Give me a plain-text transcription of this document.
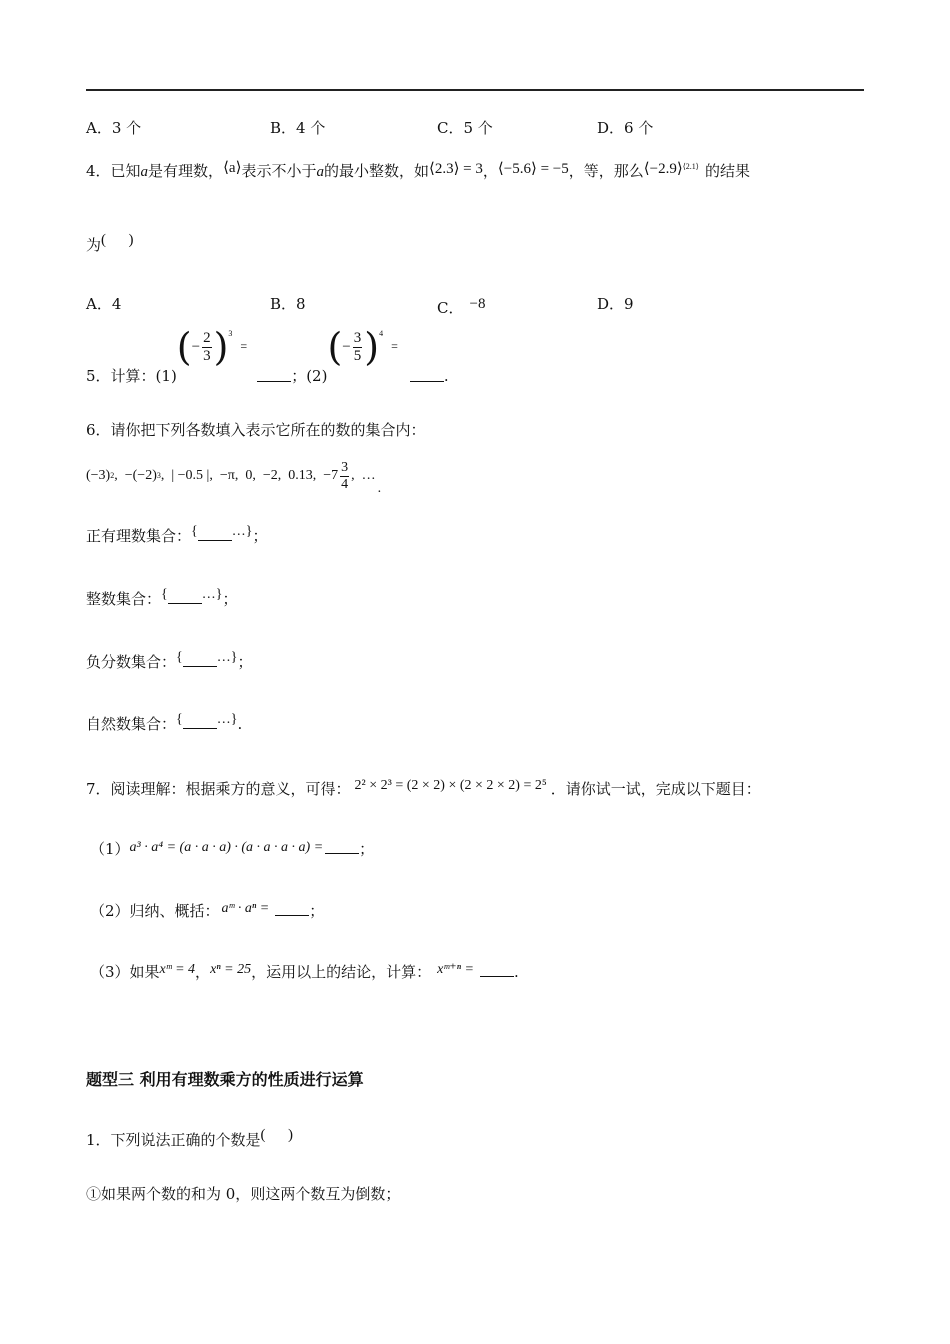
A．3 个	B．4 个	C．5 个	D．6 个
4．已知a是有理数，⟨a⟩表示不小于a的最小整数，如⟨2.3⟩ = 3，⟨−5.6⟩ = −5，等，那么⟨−2.9⟩$^{⟨2.1⟩}$ 的结果
为(      )
A．4	B．8	C． −8	D．9
5．计算：(1)
( − $\frac{2}{3}$ ) 3
=
；(2)
( − $\frac{3}{5}$ ) 4
=
.
6．请你把下列各数填入表示它所在的数的集合内：
(−3) 2 ,  −(−2) 3 ,  | −0.5 |,  −π,  0,  −2,  0.13,  $-7 \frac{3}{4}$ ,  …
.
正有理数集合：{ …}；
整数集合：{ …}；
负分数集合：{ …}；
自然数集合：{ …}.
7．阅读理解：根据乘方的意义，可得： 2² × 2³ = (2 × 2) × (2 × 2 × 2) = 2⁵ ．请你试一试，完成以下题目：
（1）a³ · a⁴ = (a · a · a) · (a · a · a · a) = ；
（2）归纳、概括： aᵐ · aⁿ =	；
（3）如果xᵐ = 4，xⁿ = 25，运用以上的结论，计算： xᵐ⁺ⁿ =	.
题型三 利用有理数乘方的性质进行运算
1．下列说法正确的个数是(      )
①如果两个数的和为 0，则这两个数互为倒数；
